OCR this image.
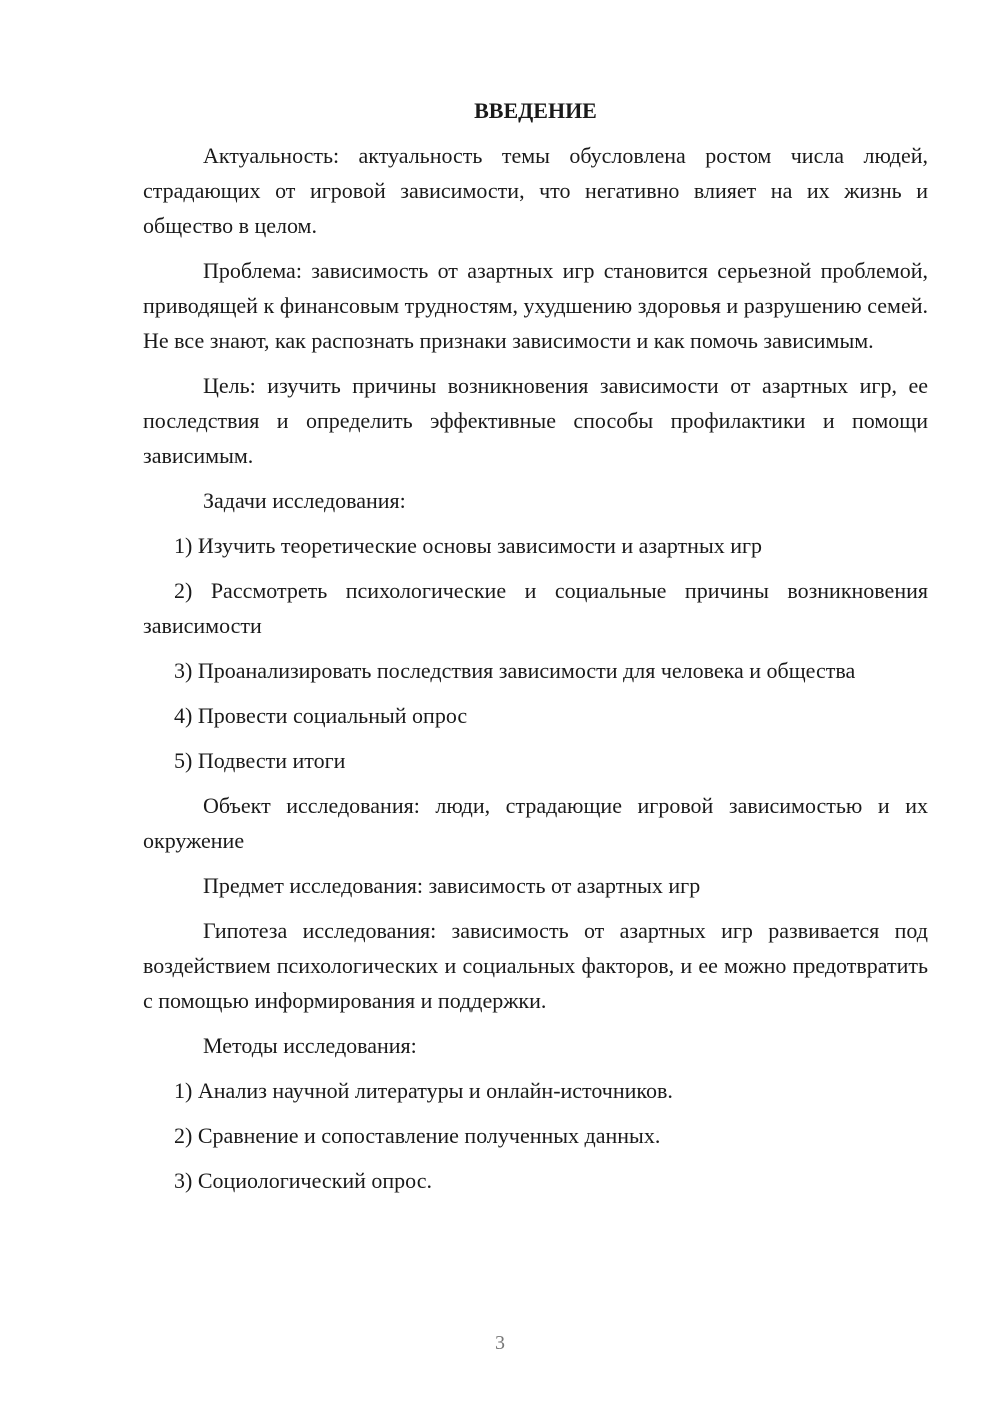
ВВЕДЕНИЕ

Актуальность: актуальность темы обусловлена ростом числа людей, страдающих от игровой зависимости, что негативно влияет на их жизнь и общество в целом.

Проблема: зависимость от азартных игр становится серьезной проблемой, приводящей к финансовым трудностям, ухудшению здоровья и разрушению семей. Не все знают, как распознать признаки зависимости и как помочь зависимым.

Цель: изучить причины возникновения зависимости от азартных игр, ее последствия и определить эффективные способы профилактики и помощи зависимым.

Задачи исследования:

1) Изучить теоретические основы зависимости и азартных игр

2) Рассмотреть психологические и социальные причины возникновения зависимости

3) Проанализировать последствия зависимости для человека и общества

4) Провести социальный опрос

5) Подвести итоги

Объект исследования: люди, страдающие игровой зависимостью и их окружение

Предмет исследования: зависимость от азартных игр

Гипотеза исследования: зависимость от азартных игр развивается под воздействием психологических и социальных факторов, и ее можно предотвратить с помощью информирования и поддержки.

Методы исследования:

1) Анализ научной литературы и онлайн-источников.

2) Сравнение и сопоставление полученных данных.

3) Социологический опрос.

3
